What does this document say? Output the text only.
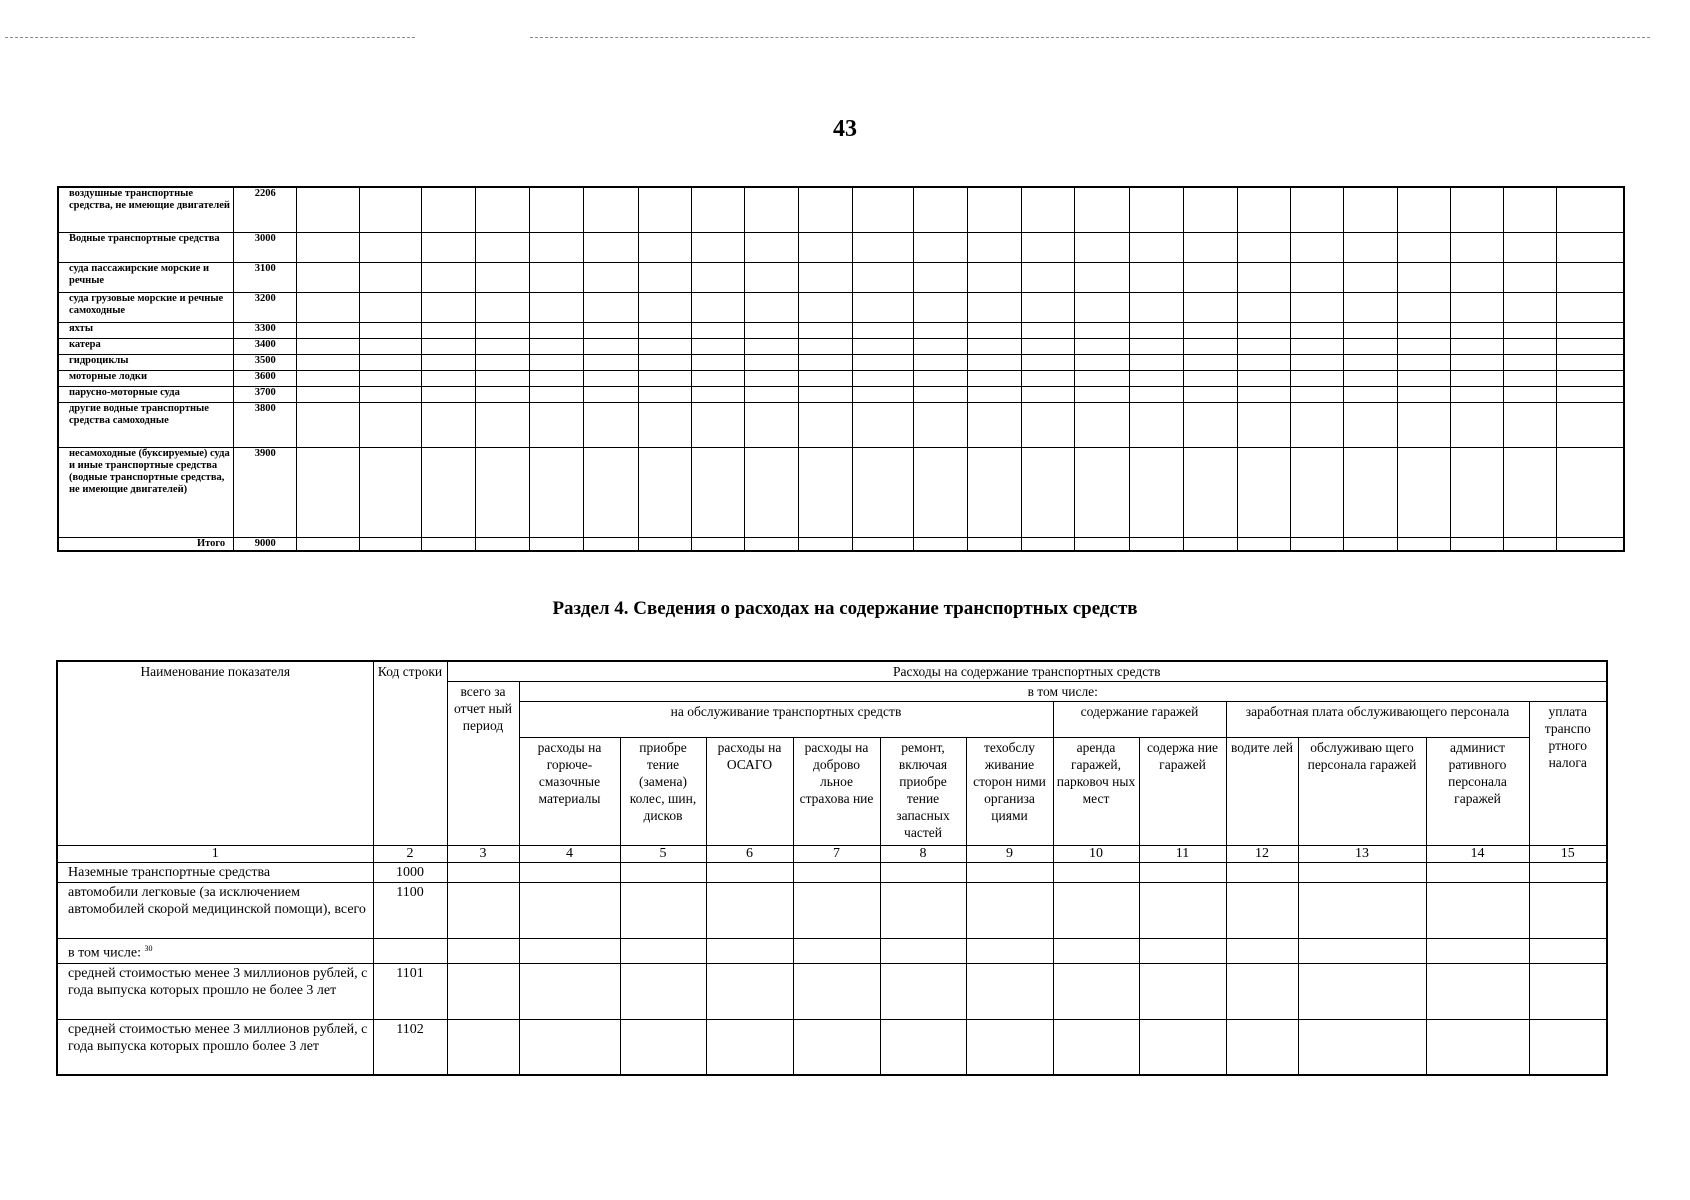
43
воздушные транспортные средства, не имеющие двигателей	2206																								
Водные транспортные средства	3000																								
суда пассажирские морские и речные	3100																								
суда грузовые морские и речные самоходные	3200																								
яхты	3300																								
катера	3400																								
гидроциклы	3500																								
моторные лодки	3600																								
парусно-моторные суда	3700																								
другие водные транспортные средства самоходные	3800																								
несамоходные (буксируемые) суда и иные транспортные средства (водные транспортные средства, не имеющие двигателей)	3900																								
Итого	9000																								
Раздел 4. Сведения о расходах на содержание транспортных средств
Наименование показателя	Код строки	Расходы на содержание транспортных средств												
		всего за отчет ный период	в том числе:											
			на обслуживание транспортных средств						содержание гаражей		заработная плата обслуживающего персонала			уплата транспо ртного налога
			расходы на горюче-смазочные материалы	приобре тение (замена) колес, шин, дисков	расходы на ОСАГО	расходы на доброво льное страхова ние	ремонт, включая приобре тение запасных частей	техобслу живание сторон ними организа циями	аренда гаражей, парковоч ных мест	содержа ние гаражей	водите лей	обслуживаю щего персонала гаражей	админист ративного персонала гаражей	

1	2	3	4	5	6	7	8	9	10	11	12	13	14	15
Наземные транспортные средства	1000													
автомобили легковые (за исключением автомобилей скорой медицинской помощи), всего	1100													
в том числе: $^{30}$														
средней стоимостью менее 3 миллионов рублей, с года выпуска которых прошло не более 3 лет	1101													
средней стоимостью менее 3 миллионов рублей, с года выпуска которых прошло более 3 лет	1102													
